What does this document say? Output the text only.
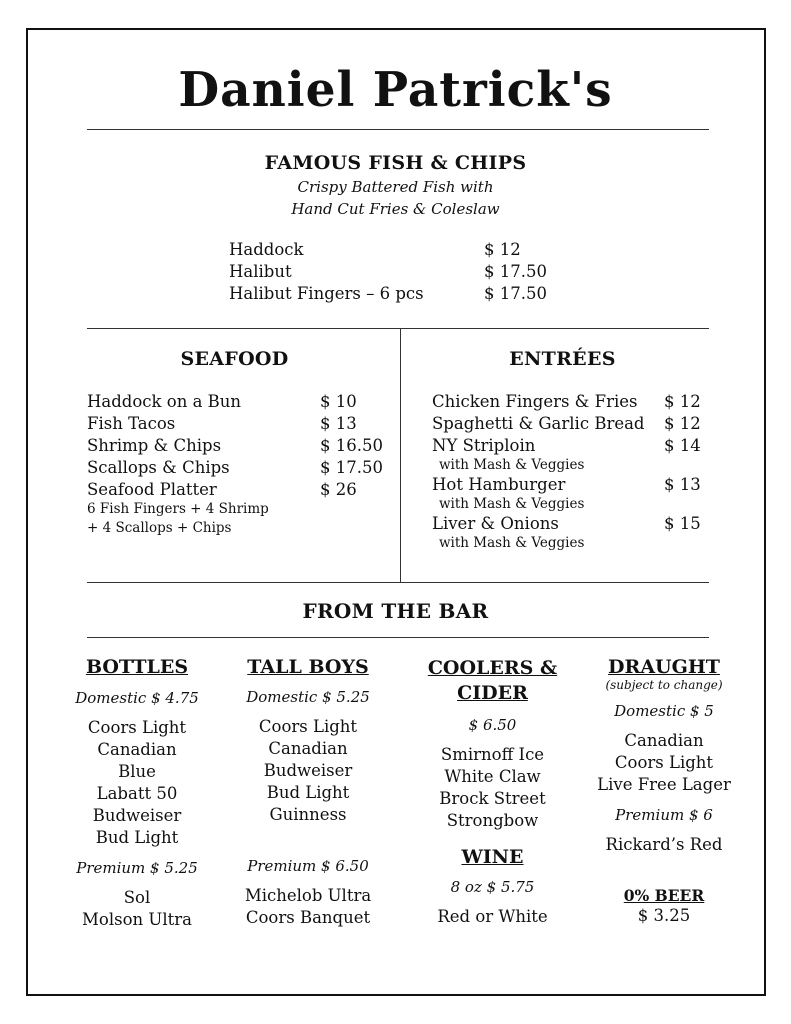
Daniel Patrick's
FAMOUS FISH & CHIPS
Crispy Battered Fish with
Hand Cut Fries & Coleslaw
Haddock	$ 12
Halibut	$ 17.50
Halibut Fingers – 6 pcs	$ 17.50
SEAFOOD
Haddock on a Bun	$ 10
Fish Tacos	$ 13
Shrimp & Chips	$ 16.50
Scallops & Chips	$ 17.50
Seafood Platter	$ 26
6 Fish Fingers + 4 Shrimp
+ 4 Scallops + Chips
ENTRÉES
Chicken Fingers & Fries $ 12
Spaghetti & Garlic Bread $ 12
NY Striploin	$ 14
with Mash & Veggies
Hot Hamburger	$ 13
with Mash & Veggies
Liver & Onions	$ 15
with Mash & Veggies
FROM THE BAR
BOTTLES
Domestic $ 4.75
Coors Light
Canadian
Blue
Labatt 50
Budweiser
Bud Light
Premium $ 5.25
Sol
Molson Ultra
TALL BOYS
Domestic $ 5.25
Coors Light
Canadian
Budweiser
Bud Light
Guinness
Premium $ 6.50
Michelob Ultra
Coors Banquet
COOLERS &
CIDER
$ 6.50
Smirnoff Ice
White Claw
Brock Street
Strongbow
WINE
8 oz $ 5.75
Red or White
DRAUGHT
(subject to change)
Domestic $ 5
Canadian
Coors Light
Live Free Lager
Premium $ 6
Rickard’s Red
0% BEER
$ 3.25
